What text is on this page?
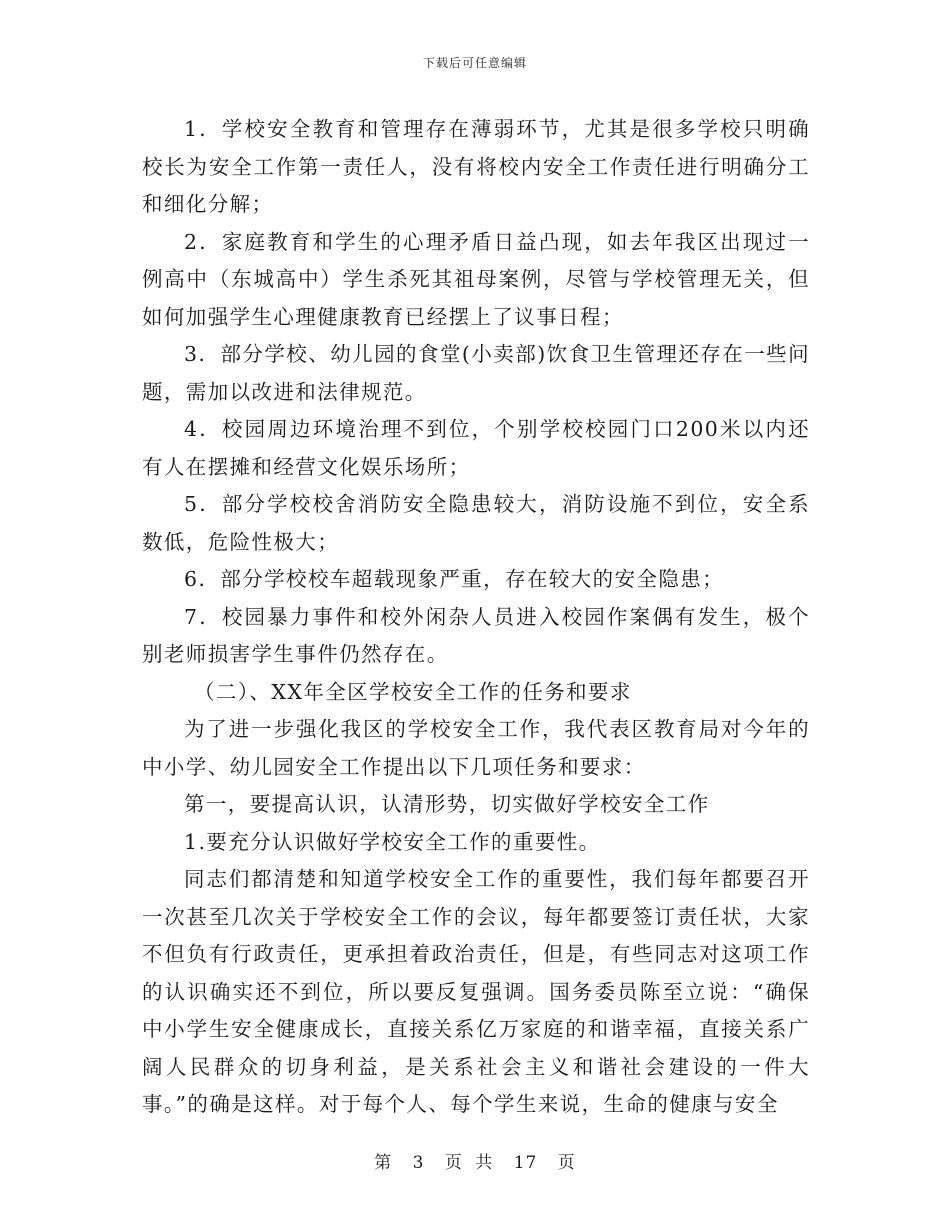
下载后可任意编辑

1．学校安全教育和管理存在薄弱环节，尤其是很多学校只明确校长为安全工作第一责任人，没有将校内安全工作责任进行明确分工和细化分解；

2．家庭教育和学生的心理矛盾日益凸现，如去年我区出现过一例高中（东城高中）学生杀死其祖母案例，尽管与学校管理无关，但如何加强学生心理健康教育已经摆上了议事日程；

3．部分学校、幼儿园的食堂(小卖部)饮食卫生管理还存在一些问题，需加以改进和法律规范。

4．校园周边环境治理不到位，个别学校校园门口200米以内还有人在摆摊和经营文化娱乐场所；

5．部分学校校舍消防安全隐患较大，消防设施不到位，安全系数低，危险性极大；

6．部分学校校车超载现象严重，存在较大的安全隐患；

7．校园暴力事件和校外闲杂人员进入校园作案偶有发生，极个别老师损害学生事件仍然存在。

（二）、XX年全区学校安全工作的任务和要求

为了进一步强化我区的学校安全工作，我代表区教育局对今年的中小学、幼儿园安全工作提出以下几项任务和要求：

第一，要提高认识，认清形势，切实做好学校安全工作

1.要充分认识做好学校安全工作的重要性。

同志们都清楚和知道学校安全工作的重要性，我们每年都要召开一次甚至几次关于学校安全工作的会议，每年都要签订责任状，大家不但负有行政责任，更承担着政治责任，但是，有些同志对这项工作的认识确实还不到位，所以要反复强调。国务委员陈至立说：“确保中小学生安全健康成长，直接关系亿万家庭的和谐幸福，直接关系广阔人民群众的切身利益，是关系社会主义和谐社会建设的一件大事。”的确是这样。对于每个人、每个学生来说，生命的健康与安全

第 3 页 共 17 页
